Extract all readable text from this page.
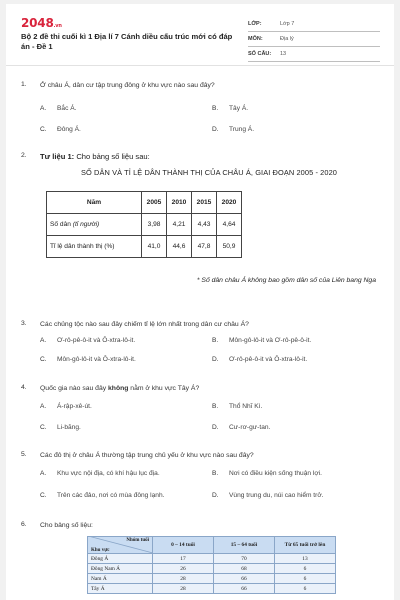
2048.vn
Bộ 2 đề thi cuối kì 1 Địa lí 7 Cánh diều cấu trúc mới có đáp án - Đề 1
LỚP:	Lớp 7
MÔN:	Địa lý
SỐ CÂU:	13
1. Ở châu Á, dân cư tập trung đông ở khu vực nào sau đây?
A. Bắc Á.	B. Tây Á.
C. Đông Á.	D. Trung Á.
2. Tư liệu 1: Cho bảng số liệu sau:
SỐ DÂN VÀ TỈ LỆ DÂN THÀNH THỊ CỦA CHÂU Á, GIAI ĐOẠN 2005 - 2020
Năm	2005	2010	2015	2020
Số dân (tỉ người)	3,98	4,21	4,43	4,64
Tỉ lệ dân thành thị (%)	41,0	44,6	47,8	50,9
* Số dân châu Á không bao gồm dân số của Liên bang Nga
3. Các chủng tộc nào sau đây chiếm tỉ lệ lớn nhất trong dân cư châu Á?
A. Ơ-rô-pê-ô-it và Ô-xtra-lô-it.	B. Môn-gô-lô-it và Ơ-rô-pê-ô-it.
C. Môn-gô-lô-it và Ô-xtra-lô-it.	D. Ơ-rô-pê-ô-it và Ô-xtra-lô-it.
4. Quốc gia nào sau đây không nằm ở khu vực Tây Á?
A. Á-rập-xê-út.	B. Thổ Nhĩ Kì.
C. Li-băng.	D. Cư-rơ-gư-tan.
5. Các đô thị ở châu Á thường tập trung chủ yếu ở khu vực nào sau đây?
A. Khu vực nội địa, có khí hậu lục địa.	B. Nơi có điều kiện sống thuận lợi.
C. Trên các đảo, nơi có mùa đông lạnh.	D. Vùng trung du, núi cao hiểm trở.
6. Cho bảng số liệu:
Nhóm tuổi
Khu vực	0 – 14 tuổi	15 – 64 tuổi	Từ 65 tuổi trở lên
Đông Á	17	70	13
Đông Nam Á	26	68	6
Nam Á	28	66	6
Tây Á	28	66	6
